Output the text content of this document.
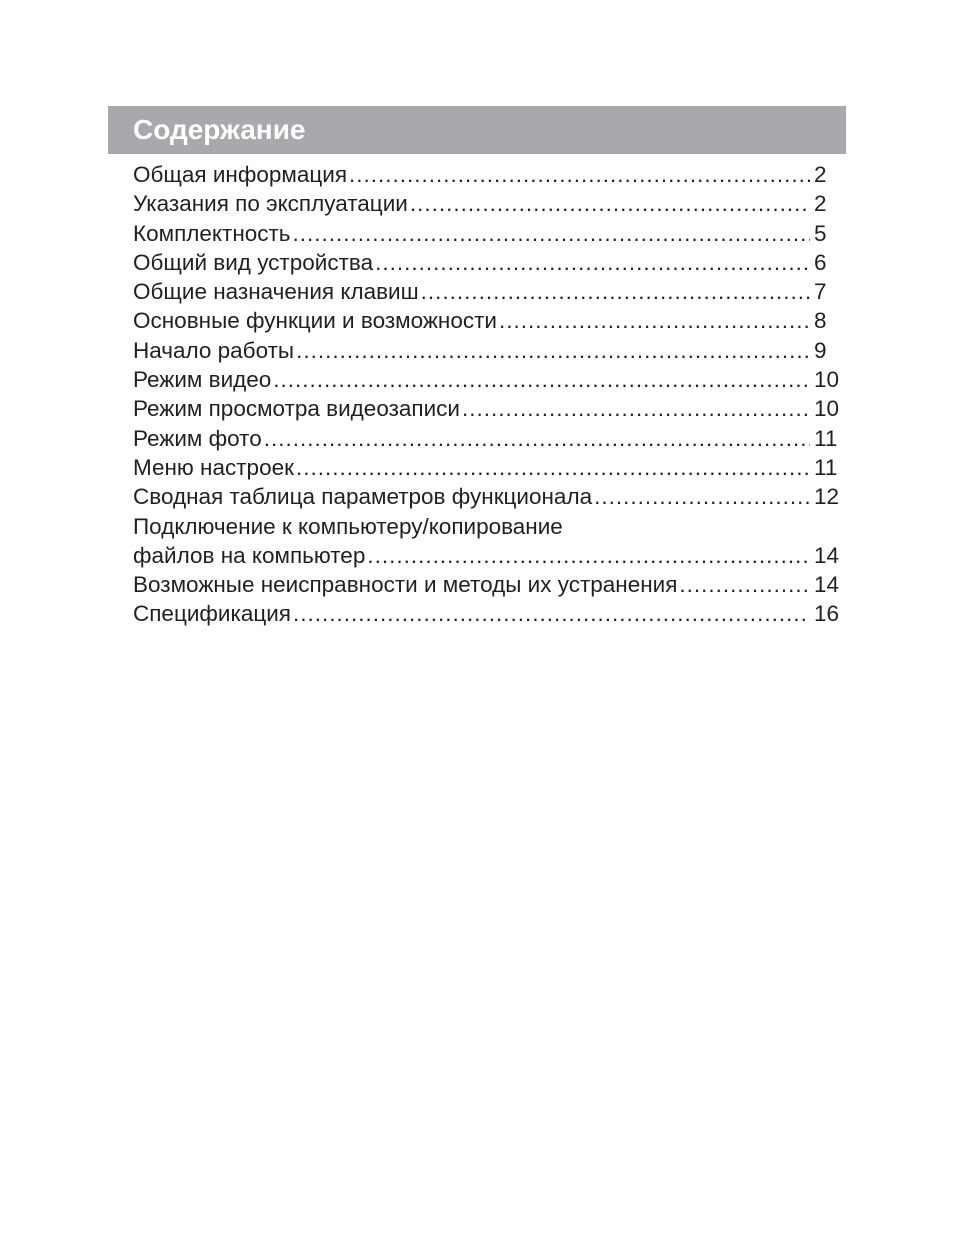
Содержание
Общая информация .....	2
Указания по эксплуатации .....	2
Комплектность .....	5
Общий вид устройства .....	6
Общие назначения клавиш .....	7
Основные функции и возможности .....	8
Начало работы .....	9
Режим видео .....	10
Режим просмотра видеозаписи .....	10
Режим фото .....	11
Меню настроек .....	11
Сводная таблица параметров функционала .....	12
Подключение к компьютеру/копирование
файлов на компьютер .....	14
Возможные неисправности и методы их устранения .....	14
Спецификация .....	16
